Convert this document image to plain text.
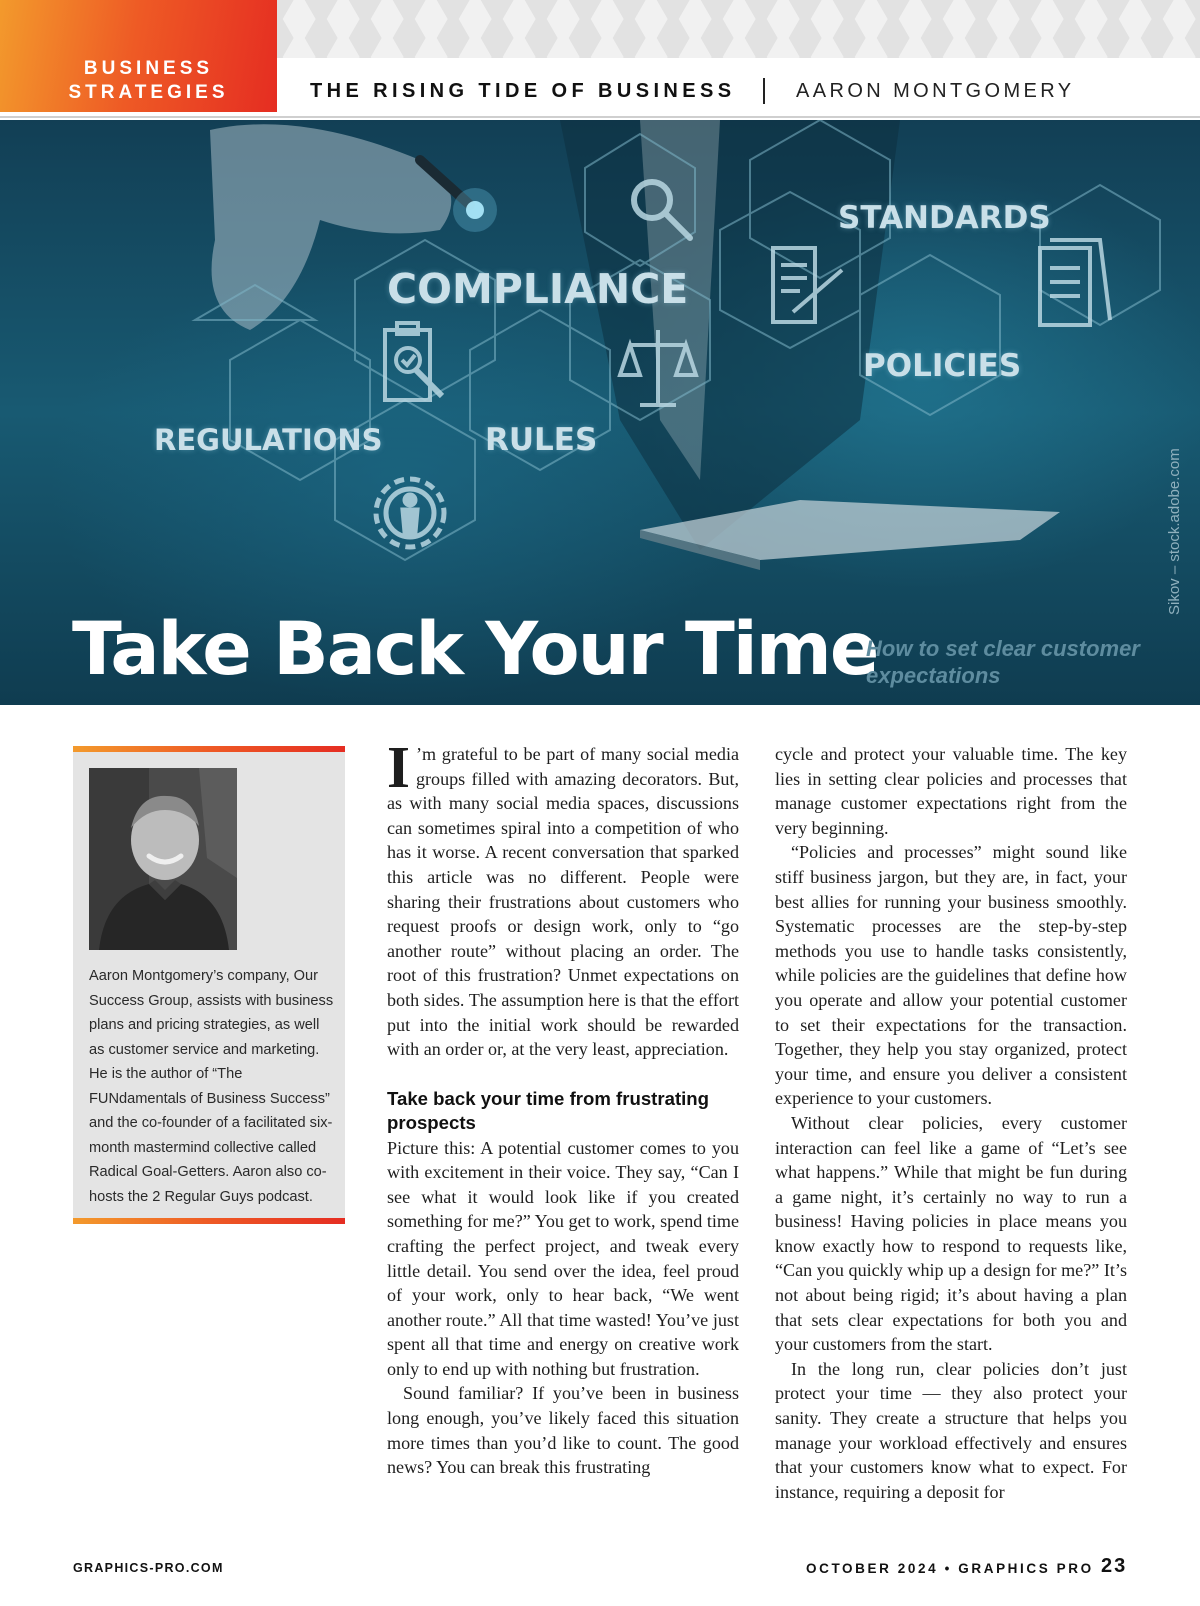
BUSINESS
STRATEGIES	THE RISING TIDE OF BUSINESS	AARON MONTGOMERY
STANDARDS
COMPLIANCE
POLICIES
REGULATIONS	RULES
Sikov – stock.adobe.com
Take Back Your Time
How to set clear customer expectations
Aaron Montgomery’s company, Our Success Group, assists with business plans and pricing strategies, as well as customer service and marketing. He is the author of “The FUNdamentals of Business Success” and the co-founder of a facilitated six-month mastermind collective called Radical Goal-Getters. Aaron also co-hosts the 2 Regular Guys podcast.

I ’m grateful to be part of many social media groups filled with amazing decorators. But, as with many social media spaces, discussions can sometimes spiral into a competition of who has it worse. A recent conversation that sparked this article was no different. People were sharing their frustrations about customers who request proofs or design work, only to “go another route” without placing an order. The root of this frustration? Unmet expectations on both sides. The assumption here is that the effort put into the initial work should be rewarded with an order or, at the very least, appreciation.

Take back your time from frustrating prospects

Picture this: A potential customer comes to you with excitement in their voice. They say, “Can I see what it would look like if you created something for me?” You get to work, spend time crafting the perfect project, and tweak every little detail. You send over the idea, feel proud of your work, only to hear back, “We went another route.” All that time wasted! You’ve just spent all that time and energy on creative work only to end up with nothing but frustration.

Sound familiar? If you’ve been in business long enough, you’ve likely faced this situation more times than you’d like to count. The good news? You can break this frustrating

cycle and protect your valuable time. The key lies in setting clear policies and processes that manage customer expectations right from the very beginning.

“Policies and processes” might sound like stiff business jargon, but they are, in fact, your best allies for running your business smoothly. Systematic processes are the step-by-step methods you use to handle tasks consistently, while policies are the guidelines that define how you operate and allow your potential customer to set their expectations for the transaction. Together, they help you stay organized, protect your time, and ensure you deliver a consistent experience to your customers.

Without clear policies, every customer interaction can feel like a game of “Let’s see what happens.” While that might be fun during a game night, it’s certainly no way to run a business! Having policies in place means you know exactly how to respond to requests like, “Can you quickly whip up a design for me?” It’s not about being rigid; it’s about having a plan that sets clear expectations for both you and your customers from the start.

In the long run, clear policies don’t just protect your time — they also protect your sanity. They create a structure that helps you manage your workload effectively and ensures that your customers know what to expect. For instance, requiring a deposit for

GRAPHICS-PRO.COM	OCTOBER 2024 • GRAPHICS PRO 23
